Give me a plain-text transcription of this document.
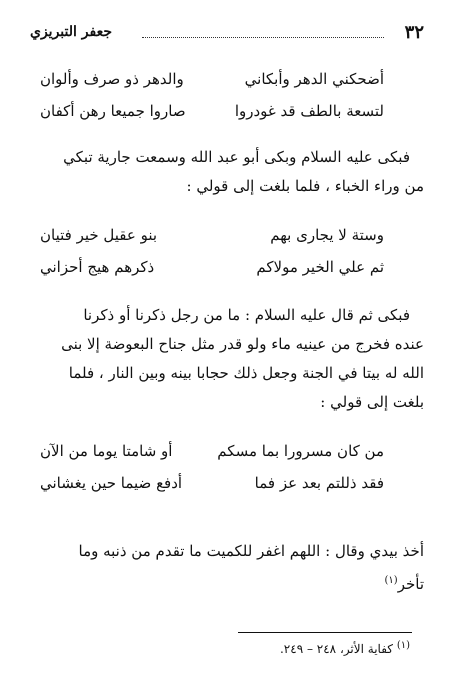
٣٢
جعفر التبريزي
أضحكني الدهر وأبكاني
والدهر ذو صرف وألوان
لتسعة بالطف قد غودروا
صاروا جميعا رهن أكفان

فبكى عليه السلام وبكى أبو عبد الله وسمعت جارية تبكي

من وراء الخباء ، فلما بلغت إلى قولي :

وستة لا يجارى بهم
بنو عقيل خير فتيان
ثم علي الخير مولاكم
ذكرهم هيج أحزاني

فبكى ثم قال عليه السلام : ما من رجل ذكرنا أو ذكرنا

عنده فخرج من عينيه ماء ولو قدر مثل جناح البعوضة إلا بنى

الله له بيتا في الجنة وجعل ذلك حجابا بينه وبين النار ، فلما

بلغت إلى قولي :

من كان مسرورا بما مسكم
أو شامتا يوما من الآن
فقد ذللتم بعد عز فما
أدفع ضيما حين يغشاني

أخذ بيدي وقال : اللهم اغفر للكميت ما تقدم من ذنبه وما

تأخر$^{(١)}$

$^{(١)}$ كفاية الأثر، ٢٤٨ – ٢٤٩.
